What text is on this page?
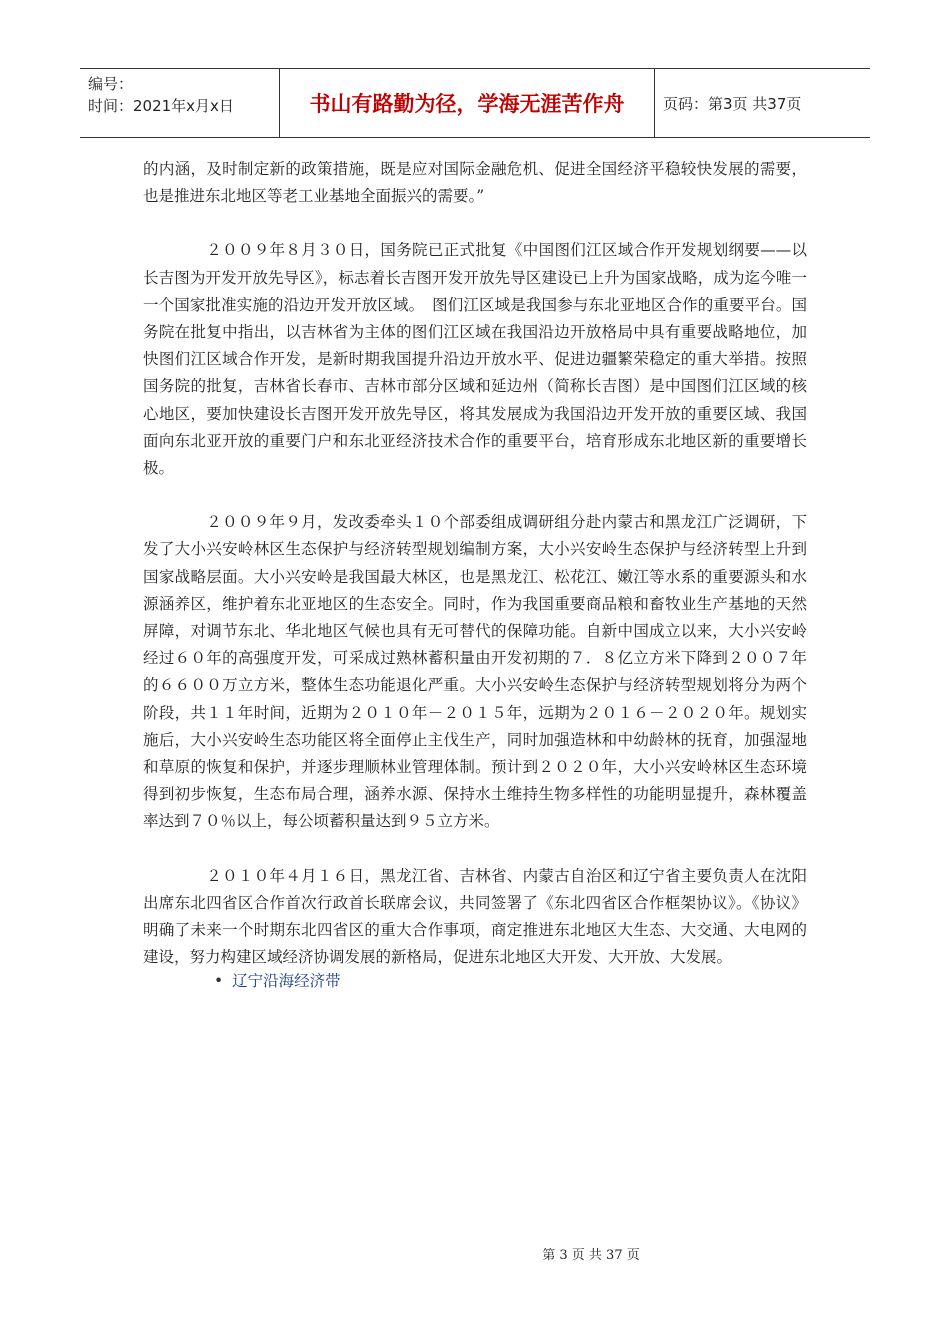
编号：
时间：2021年x月x日	书山有路勤为径，学海无涯苦作舟	页码：第3页 共37页

的内涵，及时制定新的政策措施，既是应对国际金融危机、促进全国经济平稳较快发展的需要，也是推进东北地区等老工业基地全面振兴的需要。”

　　　　２００９年８月３０日，国务院已正式批复《中国图们江区域合作开发规划纲要——以长吉图为开发开放先导区》，标志着长吉图开发开放先导区建设已上升为国家战略，成为迄今唯一一个国家批准实施的沿边开发开放区域。　图们江区域是我国参与东北亚地区合作的重要平台。国务院在批复中指出，以吉林省为主体的图们江区域在我国沿边开放格局中具有重要战略地位，加快图们江区域合作开发，是新时期我国提升沿边开放水平、促进边疆繁荣稳定的重大举措。按照国务院的批复，吉林省长春市、吉林市部分区域和延边州（简称长吉图）是中国图们江区域的核心地区，要加快建设长吉图开发开放先导区，将其发展成为我国沿边开发开放的重要区域、我国面向东北亚开放的重要门户和东北亚经济技术合作的重要平台，培育形成东北地区新的重要增长极。

　　　　２００９年９月，发改委牵头１０个部委组成调研组分赴内蒙古和黑龙江广泛调研，下发了大小兴安岭林区生态保护与经济转型规划编制方案，大小兴安岭生态保护与经济转型上升到国家战略层面。大小兴安岭是我国最大林区，也是黑龙江、松花江、嫩江等水系的重要源头和水源涵养区，维护着东北亚地区的生态安全。同时，作为我国重要商品粮和畜牧业生产基地的天然屏障，对调节东北、华北地区气候也具有无可替代的保障功能。自新中国成立以来，大小兴安岭经过６０年的高强度开发，可采成过熟林蓄积量由开发初期的７．８亿立方米下降到２００７年的６６００万立方米，整体生态功能退化严重。大小兴安岭生态保护与经济转型规划将分为两个阶段，共１１年时间，近期为２０１０年－２０１５年，远期为２０１６－２０２０年。规划实施后，大小兴安岭生态功能区将全面停止主伐生产，同时加强造林和中幼龄林的抚育，加强湿地和草原的恢复和保护，并逐步理顺林业管理体制。预计到２０２０年，大小兴安岭林区生态环境得到初步恢复，生态布局合理，涵养水源、保持水土维持生物多样性的功能明显提升，森林覆盖率达到７０％以上，每公顷蓄积量达到９５立方米。

　　　　２０１０年４月１６日，黑龙江省、吉林省、内蒙古自治区和辽宁省主要负责人在沈阳出席东北四省区合作首次行政首长联席会议，共同签署了《东北四省区合作框架协议》。《协议》明确了未来一个时期东北四省区的重大合作事项，商定推进东北地区大生态、大交通、大电网的建设，努力构建区域经济协调发展的新格局，促进东北地区大开发、大开放、大发展。

• 辽宁沿海经济带
第 3 页 共 37 页
